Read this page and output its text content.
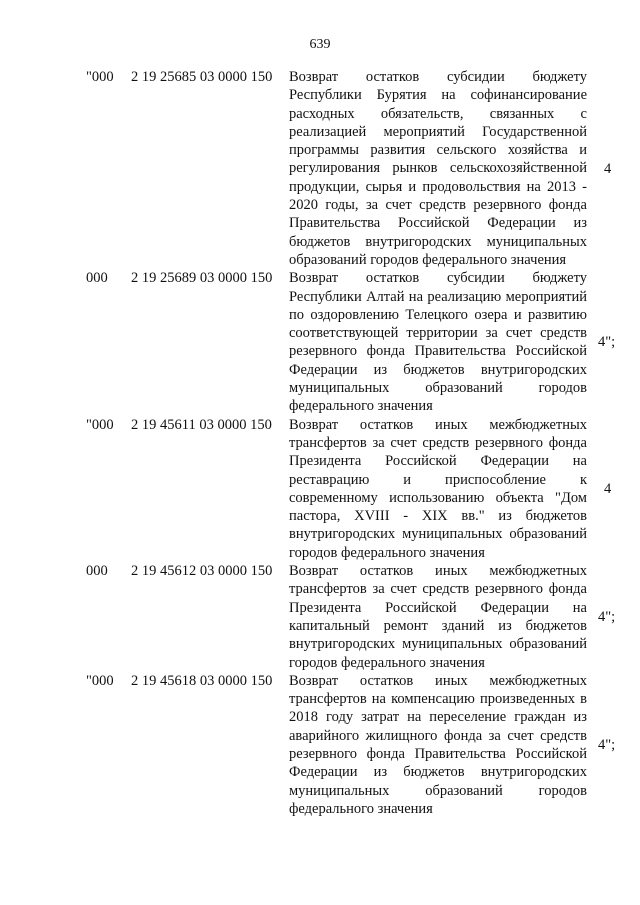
639
"000 2 19 25685 03 0000 150 Возврат остатков субсидии бюджету Республики Бурятия на софинансирование расходных обязательств, связанных с реализацией мероприятий Государственной программы развития сельского хозяйства и регулирования рынков сельскохозяйственной продукции, сырья и продовольствия на 2013 - 2020 годы, за счет средств резервного фонда Правительства Российской Федерации из бюджетов внутригородских муниципальных образований городов федерального значения
4
000 2 19 25689 03 0000 150 Возврат остатков субсидии бюджету Республики Алтай на реализацию мероприятий по оздоровлению Телецкого озера и развитию соответствующей территории за счет средств резервного фонда Правительства Российской Федерации из бюджетов внутригородских муниципальных образований городов федерального значения
4";
"000 2 19 45611 03 0000 150 Возврат остатков иных межбюджетных трансфертов за счет средств резервного фонда Президента Российской Федерации на реставрацию и приспособление к современному использованию объекта "Дом пастора, XVIII - XIX вв." из бюджетов внутригородских муниципальных образований городов федерального значения
4
000 2 19 45612 03 0000 150 Возврат остатков иных межбюджетных трансфертов за счет средств резервного фонда Президента Российской Федерации на капитальный ремонт зданий из бюджетов внутригородских муниципальных образований городов федерального значения
4";
"000 2 19 45618 03 0000 150 Возврат остатков иных межбюджетных трансфертов на компенсацию произведенных в 2018 году затрат на переселение граждан из аварийного жилищного фонда за счет средств резервного фонда Правительства Российской Федерации из бюджетов внутригородских муниципальных образований городов федерального значения
4";
